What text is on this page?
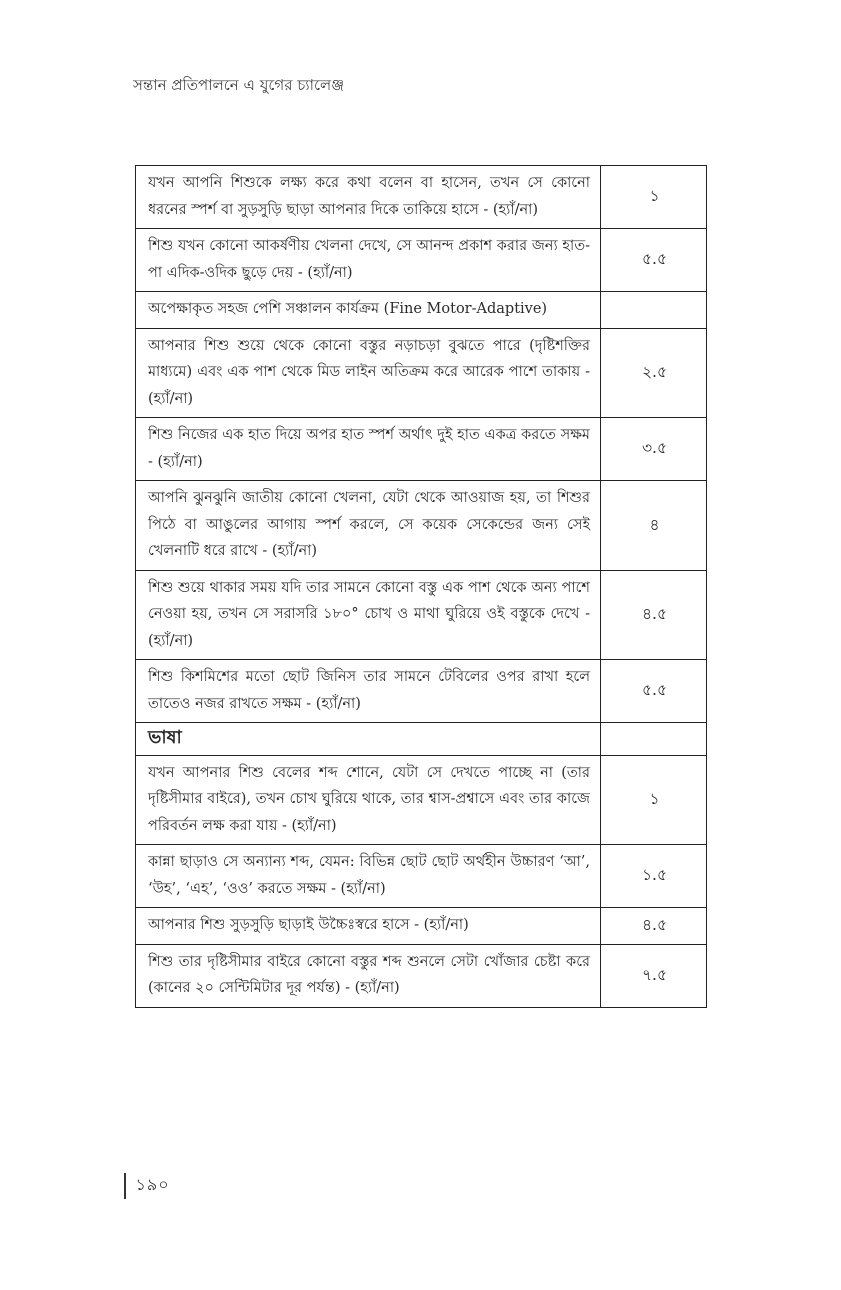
সন্তান প্রতিপালনে এ যুগের চ্যালেঞ্জ
যখন আপনি শিশুকে লক্ষ্য করে কথা বলেন বা হাসেন, তখন সে কোনো ধরনের স্পর্শ বা সুড়সুড়ি ছাড়া আপনার দিকে তাকিয়ে হাসে - (হ্যাঁ/না)	১
শিশু যখন কোনো আকর্ষণীয় খেলনা দেখে, সে আনন্দ প্রকাশ করার জন্য হাত-পা এদিক-ওদিক ছুড়ে দেয় - (হ্যাঁ/না)	৫.৫
অপেক্ষাকৃত সহজ পেশি সঞ্চালন কার্যক্রম (Fine Motor-Adaptive)	
আপনার শিশু শুয়ে থেকে কোনো বস্তুর নড়াচড়া বুঝতে পারে (দৃষ্টিশক্তির মাধ্যমে) এবং এক পাশ থেকে মিড লাইন অতিক্রম করে আরেক পাশে তাকায় - (হ্যাঁ/না)	২.৫
শিশু নিজের এক হাত দিয়ে অপর হাত স্পর্শ অর্থাৎ দুই হাত একত্র করতে সক্ষম - (হ্যাঁ/না)	৩.৫
আপনি ঝুনঝুনি জাতীয় কোনো খেলনা, যেটা থেকে আওয়াজ হয়, তা শিশুর পিঠে বা আঙুলের আগায় স্পর্শ করলে, সে কয়েক সেকেন্ডের জন্য সেই খেলনাটি ধরে রাখে - (হ্যাঁ/না)	৪
শিশু শুয়ে থাকার সময় যদি তার সামনে কোনো বস্তু এক পাশ থেকে অন্য পাশে নেওয়া হয়, তখন সে সরাসরি ১৮০° চোখ ও মাথা ঘুরিয়ে ওই বস্তুকে দেখে - (হ্যাঁ/না)	৪.৫
শিশু কিশমিশের মতো ছোট জিনিস তার সামনে টেবিলের ওপর রাখা হলে তাতেও নজর রাখতে সক্ষম - (হ্যাঁ/না)	৫.৫
ভাষা	
যখন আপনার শিশু বেলের শব্দ শোনে, যেটা সে দেখতে পাচ্ছে না (তার দৃষ্টিসীমার বাইরে), তখন চোখ ঘুরিয়ে থাকে, তার শ্বাস-প্রশ্বাসে এবং তার কাজে পরিবর্তন লক্ষ করা যায় - (হ্যাঁ/না)	১
কান্না ছাড়াও সে অন্যান্য শব্দ, যেমন: বিভিন্ন ছোট ছোট অর্থহীন উচ্চারণ ‘আ’, ‘উহ’, ‘এহ’, ‘ওও’ করতে সক্ষম - (হ্যাঁ/না)	১.৫
আপনার শিশু সুড়সুড়ি ছাড়াই উচ্চৈঃস্বরে হাসে - (হ্যাঁ/না)	৪.৫
শিশু তার দৃষ্টিসীমার বাইরে কোনো বস্তুর শব্দ শুনলে সেটা খোঁজার চেষ্টা করে (কানের ২০ সেন্টিমিটার দূর পর্যন্ত) - (হ্যাঁ/না)	৭.৫
১৯০
